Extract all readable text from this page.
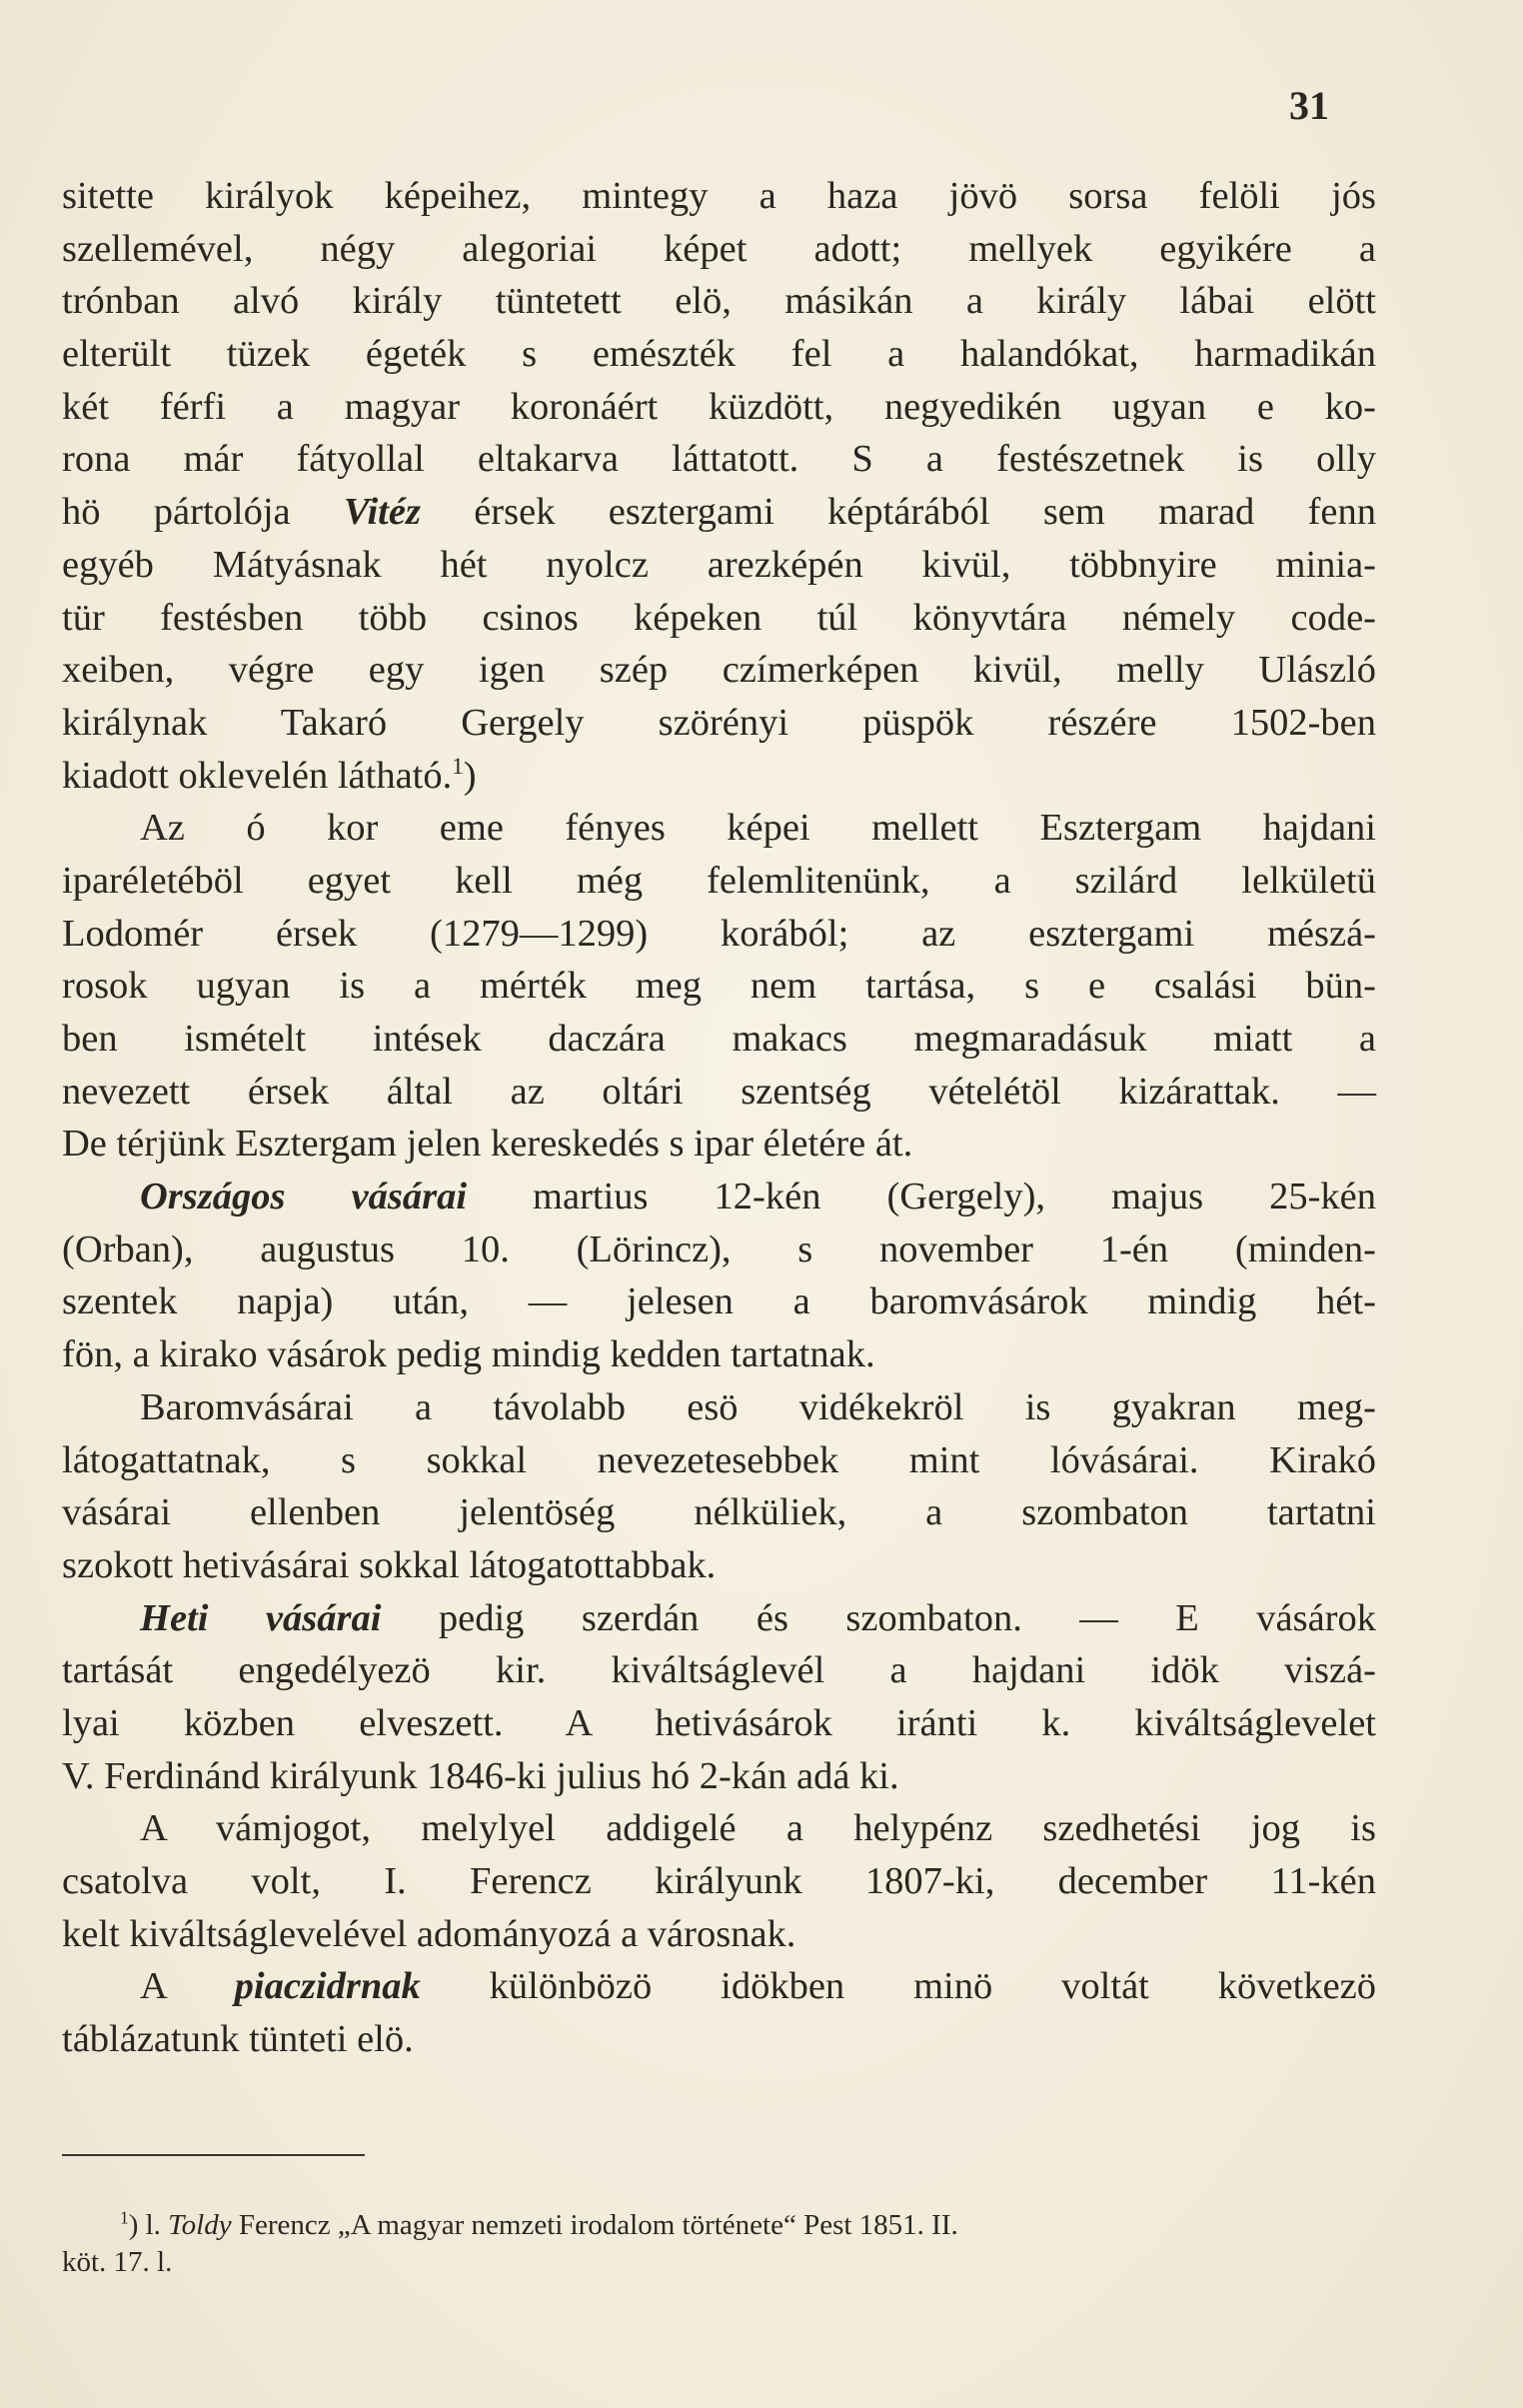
31
sitette királyok képeihez, mintegy a haza jövö sorsa felöli jós
szellemével, négy alegoriai képet adott; mellyek egyikére a
trónban alvó király tüntetett elö, másikán a király lábai elött
elterült tüzek égeték s emészték fel a halandókat, harmadikán
két férfi a magyar koronáért küzdött, negyedikén ugyan e ko-
rona már fátyollal eltakarva láttatott. S a festészetnek is olly
hö pártolója Vitéz érsek esztergami képtárából sem marad fenn
egyéb Mátyásnak hét nyolcz arezképén kivül, többnyire minia-
tür festésben több csinos képeken túl könyvtára némely code-
xeiben, végre egy igen szép czímerképen kivül, melly Ulászló
királynak Takaró Gergely szörényi püspök részére 1502-ben
kiadott oklevelén látható.$^1$)
Az ó kor eme fényes képei mellett Esztergam hajdani
iparéletéböl egyet kell még felemlitenünk, a szilárd lelkületü
Lodomér érsek (1279—1299) korából; az esztergami mészá-
rosok ugyan is a mérték meg nem tartása, s e csalási bün-
ben ismételt intések daczára makacs megmaradásuk miatt a
nevezett érsek által az oltári szentség vételétöl kizárattak. —
De térjünk Esztergam jelen kereskedés s ipar életére át.
Országos vásárai martius 12-kén (Gergely), majus 25-kén
(Orban), augustus 10. (Lörincz), s november 1-én (minden-
szentek napja) után, — jelesen a baromvásárok mindig hét-
fön, a kirako vásárok pedig mindig kedden tartatnak.
Baromvásárai a távolabb esö vidékekröl is gyakran meg-
látogattatnak, s sokkal nevezetesebbek mint lóvásárai. Kirakó
vásárai ellenben jelentöség nélküliek, a szombaton tartatni
szokott hetivásárai sokkal látogatottabbak.
Heti vásárai pedig szerdán és szombaton. — E vásárok
tartását engedélyezö kir. kiváltságlevél a hajdani idök viszá-
lyai közben elveszett. A hetivásárok iránti k. kiváltságlevelet
V. Ferdinánd királyunk 1846-ki julius hó 2-kán adá ki.
A vámjogot, melylyel addigelé a helypénz szedhetési jog is
csatolva volt, I. Ferencz királyunk 1807-ki, december 11-kén
kelt kiváltságlevelével adományozá a városnak.
A piaczidrnak különbözö idökben minö voltát következö
táblázatunk tünteti elö.
$^1$) l. Toldy Ferencz „A magyar nemzeti irodalom története“ Pest 1851. II.
köt. 17. l.
